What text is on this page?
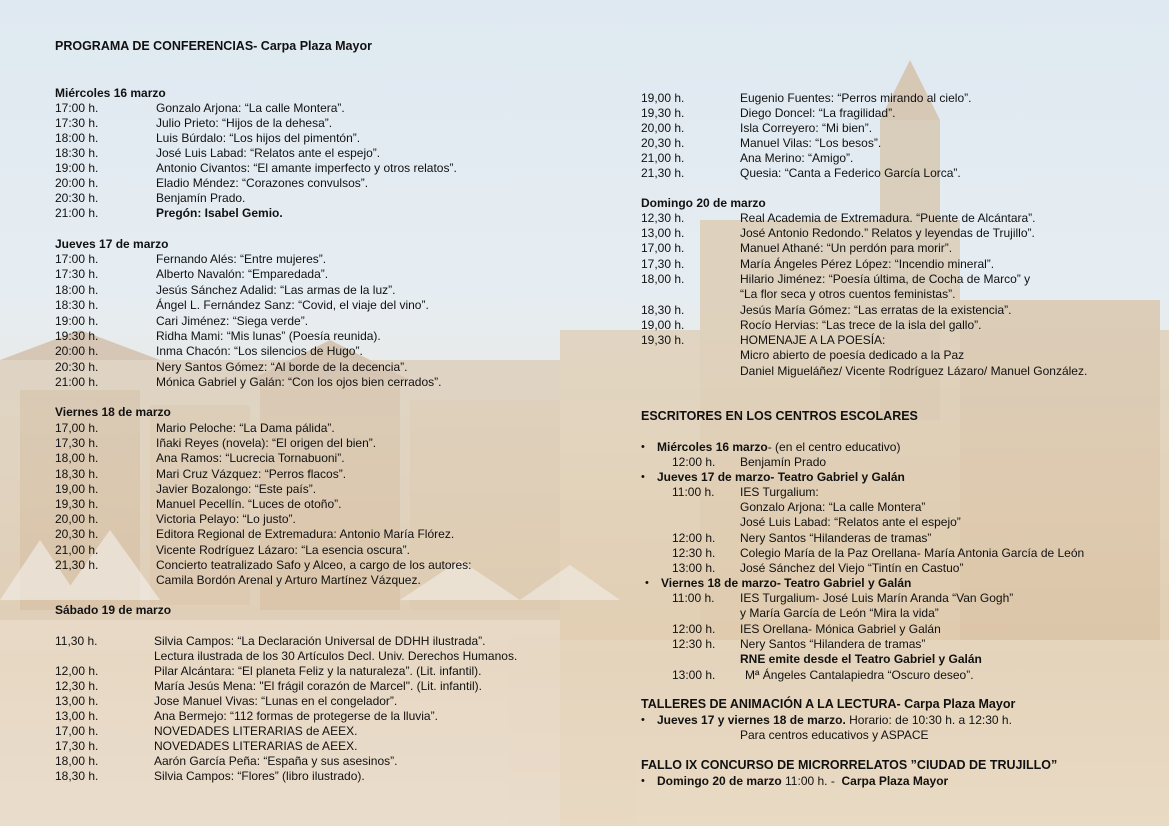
PROGRAMA DE CONFERENCIAS- Carpa Plaza Mayor
Miércoles 16 marzo
17:00 h.	Gonzalo Arjona: “La calle Montera”.
17:30 h.	Julio Prieto: “Hijos de la dehesa”.
18:00 h.	Luis Búrdalo: “Los hijos del pimentón”.
18:30 h.	José Luis Labad: “Relatos ante el espejo”.
19:00 h.	Antonio Civantos: “El amante imperfecto y otros relatos”.
20:00 h.	Eladio Méndez: “Corazones convulsos”.
20:30 h.	Benjamín Prado.
21:00 h.	Pregón: Isabel Gemio.
Jueves 17 de marzo
17:00 h.	Fernando Alés: “Entre mujeres”.
17:30 h.	Alberto Navalón: “Emparedada”.
18:00 h.	Jesús Sánchez Adalid: “Las armas de la luz”.
18:30 h.	Ángel L. Fernández Sanz: “Covid, el viaje del vino”.
19:00 h.	Cari Jiménez: “Siega verde”.
19:30 h.	Ridha Mami: “Mis lunas” (Poesía reunida).
20:00 h.	Inma Chacón: “Los silencios de Hugo”.
20:30 h.	Nery Santos Gómez: “Al borde de la decencia”.
21:00 h.	Mónica Gabriel y Galán: “Con los ojos bien cerrados”.
Viernes 18 de marzo
17,00 h.	Mario Peloche: “La Dama pálida”.
17,30 h.	Iñaki Reyes (novela): “El origen del bien”.
18,00 h.	Ana Ramos: “Lucrecia Tornabuoni”.
18,30 h.	Mari Cruz Vázquez: “Perros flacos”.
19,00 h.	Javier Bozalongo: “Este país”.
19,30 h.	Manuel Pecellín. “Luces de otoño”.
20,00 h.	Victoria Pelayo: “Lo justo”.
20,30 h.	Editora Regional de Extremadura: Antonio María Flórez.
21,00 h.	Vicente Rodríguez Lázaro: “La esencia oscura”.
21,30 h.	Concierto teatralizado Safo y Alceo, a cargo de los autores:
Camila Bordón Arenal y Arturo Martínez Vázquez.
Sábado 19 de marzo
11,30 h.	Silvia Campos: “La Declaración Universal de DDHH ilustrada”.
Lectura ilustrada de los 30 Artículos Decl. Univ. Derechos Humanos.
12,00 h.	Pilar Alcántara: “El planeta Feliz y la naturaleza”. (Lit. infantil).
12,30 h.	María Jesús Mena: "El frágil corazón de Marcel". (Lit. infantil).
13,00 h.	Jose Manuel Vivas: “Lunas en el congelador”.
13,00 h.	Ana Bermejo: “112 formas de protegerse de la lluvia”.
17,00 h.	NOVEDADES LITERARIAS de AEEX.
17,30 h.	NOVEDADES LITERARIAS de AEEX.
18,00 h.	Aarón García Peña: “España y sus asesinos”.
18,30 h.	Silvia Campos: “Flores” (libro ilustrado).
19,00 h.	Eugenio Fuentes: “Perros mirando al cielo”.
19,30 h.	Diego Doncel: “La fragilidad”.
20,00 h.	Isla Correyero: “Mi bien”.
20,30 h.	Manuel Vilas: “Los besos”.
21,00 h.	Ana Merino: “Amigo”.
21,30 h.	Quesia: “Canta a Federico García Lorca”.
Domingo 20 de marzo
12,30 h.	Real Academia de Extremadura. “Puente de Alcántara”.
13,00 h.	José Antonio Redondo.” Relatos y leyendas de Trujillo”.
17,00 h.	Manuel Athané: “Un perdón para morir”.
17,30 h.	María Ángeles Pérez López: “Incendio mineral”.
18,00 h.	Hilario Jiménez: “Poesía última, de Cocha de Marco” y
“La flor seca y otros cuentos feministas”.
18,30 h.	Jesús María Gómez: “Las erratas de la existencia”.
19,00 h.	Rocío Hervias: “Las trece de la isla del gallo”.
19,30 h.	HOMENAJE A LA POESÍA:
Micro abierto de poesía dedicado a la Paz
Daniel Migueláñez/ Vicente Rodríguez Lázaro/ Manuel González.
ESCRITORES EN LOS CENTROS ESCOLARES
• Miércoles 16 marzo- (en el centro educativo)
12:00 h. Benjamín Prado
• Jueves 17 de marzo- Teatro Gabriel y Galán
11:00 h. IES Turgalium:
Gonzalo Arjona: “La calle Montera”
José Luis Labad: “Relatos ante el espejo”
12:00 h. Nery Santos “Hilanderas de tramas”
12:30 h. Colegio María de la Paz Orellana- María Antonia García de León
13:00 h. José Sánchez del Viejo “Tintín en Castuo”
• Viernes 18 de marzo- Teatro Gabriel y Galán
11:00 h. IES Turgalium- José Luis Marín Aranda “Van Gogh”
y María García de León “Mira la vida”
12:00 h. IES Orellana- Mónica Gabriel y Galán
12:30 h. Nery Santos “Hilandera de tramas”
RNE emite desde el Teatro Gabriel y Galán
13:00 h. Mª Ángeles Cantalapiedra “Oscuro deseo”.
TALLERES DE ANIMACIÓN A LA LECTURA- Carpa Plaza Mayor
• Jueves 17 y viernes 18 de marzo. Horario: de 10:30 h. a 12:30 h.
Para centros educativos y ASPACE
FALLO IX CONCURSO DE MICRORRELATOS ”CIUDAD DE TRUJILLO”
• Domingo 20 de marzo 11:00 h. -  Carpa Plaza Mayor
